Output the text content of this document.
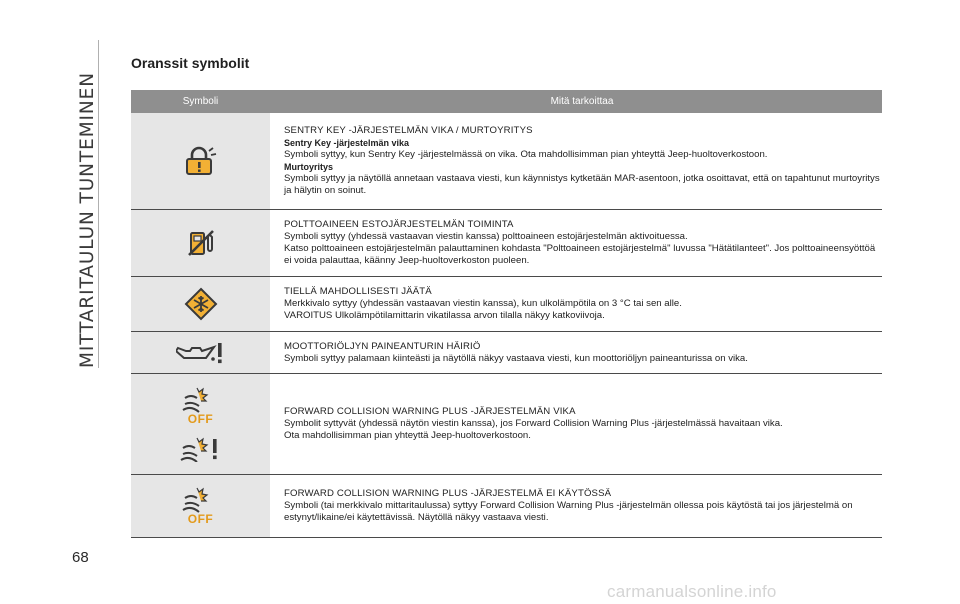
MITTARITAULUN TUNTEMINEN
68
Oranssit symbolit
Symboli	Mitä tarkoittaa

SENTRY KEY -JÄRJESTELMÄN VIKA / MURTOYRITYS

Sentry Key -järjestelmän vika

Symboli syttyy, kun Sentry Key -järjestelmässä on vika. Ota mahdollisimman pian yhteyttä Jeep-huoltoverkostoon.

Murtoyritys

Symboli syttyy ja näytöllä annetaan vastaava viesti, kun käynnistys kytketään MAR-asentoon, jotka osoittavat, että on tapahtunut murtoyritys ja hälytin on soinut.

POLTTOAINEEN ESTOJÄRJESTELMÄN TOIMINTA

Symboli syttyy (yhdessä vastaavan viestin kanssa) polttoaineen estojärjestelmän aktivoituessa.

Katso polttoaineen estojärjestelmän palauttaminen kohdasta "Polttoaineen estojärjestelmä" luvussa "Hätätilanteet". Jos polttoaineensyöttöä ei voida palauttaa, käänny Jeep-huoltoverkoston puoleen.

TIELLÄ MAHDOLLISESTI JÄÄTÄ

Merkkivalo syttyy (yhdessän vastaavan viestin kanssa), kun ulkolämpötila on 3 °C tai sen alle.

VAROITUS Ulkolämpötilamittarin vikatilassa arvon tilalla näkyy katkoviivoja.

MOOTTORIÖLJYN PAINEANTURIN HÄIRIÖ

Symboli syttyy palamaan kiinteästi ja näytöllä näkyy vastaava viesti, kun moottoriöljyn paineanturissa on vika.

OFF

FORWARD COLLISION WARNING PLUS -JÄRJESTELMÄN VIKA

Symbolit syttyvät (yhdessä näytön viestin kanssa), jos Forward Collision Warning Plus -järjestelmässä havaitaan vika.

Ota mahdollisimman pian yhteyttä Jeep-huoltoverkostoon.

OFF

FORWARD COLLISION WARNING PLUS -JÄRJESTELMÄ EI KÄYTÖSSÄ

Symboli (tai merkkivalo mittaritaulussa) syttyy Forward Collision Warning Plus -järjestelmän ollessa pois käytöstä tai jos järjestelmä on estynyt/likaine/ei käytettävissä. Näytöllä näkyy vastaava viesti.

carmanualsonline.info
